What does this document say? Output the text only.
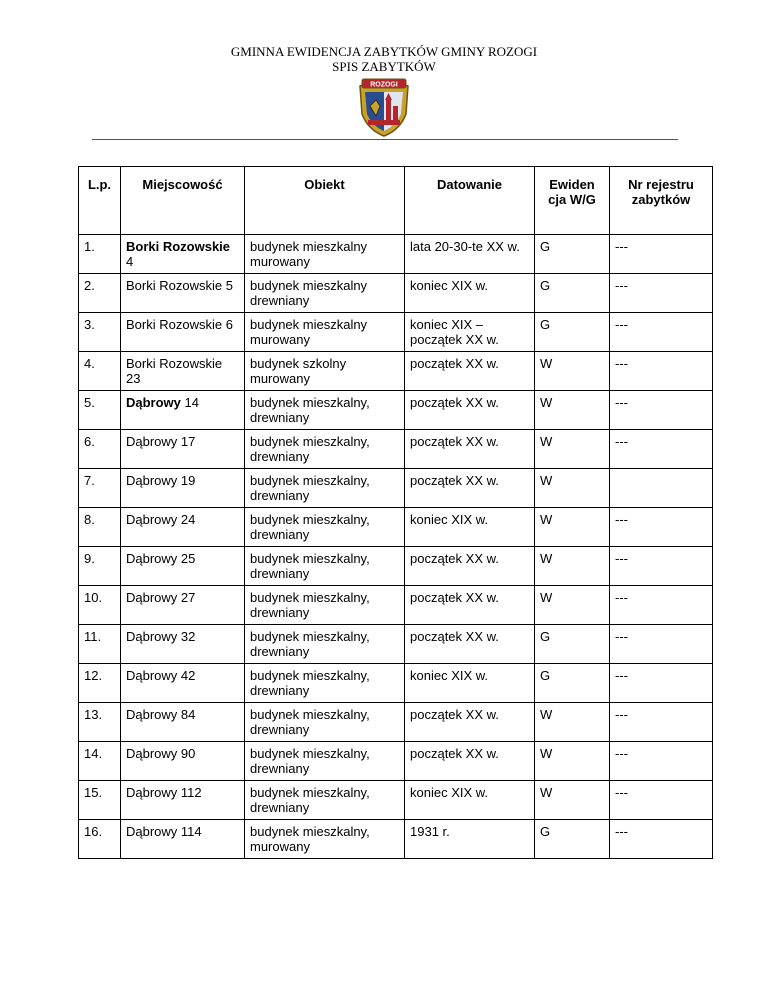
GMINNA EWIDENCJA ZABYTKÓW GMINY ROZOGI
SPIS ZABYTKÓW
ROZOGI
L.p.	Miejscowość	Obiekt	Datowanie	Ewiden cja W/G	Nr rejestru zabytków
1.	Borki Rozowskie 4	budynek mieszkalny murowany	lata 20-30-te XX w.	G	---
2.	Borki Rozowskie 5	budynek mieszkalny drewniany	koniec XIX w.	G	---
3.	Borki Rozowskie 6	budynek mieszkalny murowany	koniec XIX – początek XX w.	G	---
4.	Borki Rozowskie 23	budynek szkolny murowany	początek XX w.	W	---
5.	Dąbrowy 14	budynek mieszkalny, drewniany	początek XX w.	W	---
6.	Dąbrowy 17	budynek mieszkalny, drewniany	początek XX w.	W	---
7.	Dąbrowy 19	budynek mieszkalny, drewniany	początek XX w.	W	
8.	Dąbrowy 24	budynek mieszkalny, drewniany	koniec XIX w.	W	---
9.	Dąbrowy 25	budynek mieszkalny, drewniany	początek XX w.	W	---
10.	Dąbrowy 27	budynek mieszkalny, drewniany	początek XX w.	W	---
11.	Dąbrowy 32	budynek mieszkalny, drewniany	początek XX w.	G	---
12.	Dąbrowy 42	budynek mieszkalny, drewniany	koniec XIX w.	G	---
13.	Dąbrowy 84	budynek mieszkalny, drewniany	początek XX w.	W	---
14.	Dąbrowy 90	budynek mieszkalny, drewniany	początek XX w.	W	---
15.	Dąbrowy 112	budynek mieszkalny, drewniany	koniec XIX w.	W	---
16.	Dąbrowy 114	budynek mieszkalny, murowany	1931 r.	G	---
